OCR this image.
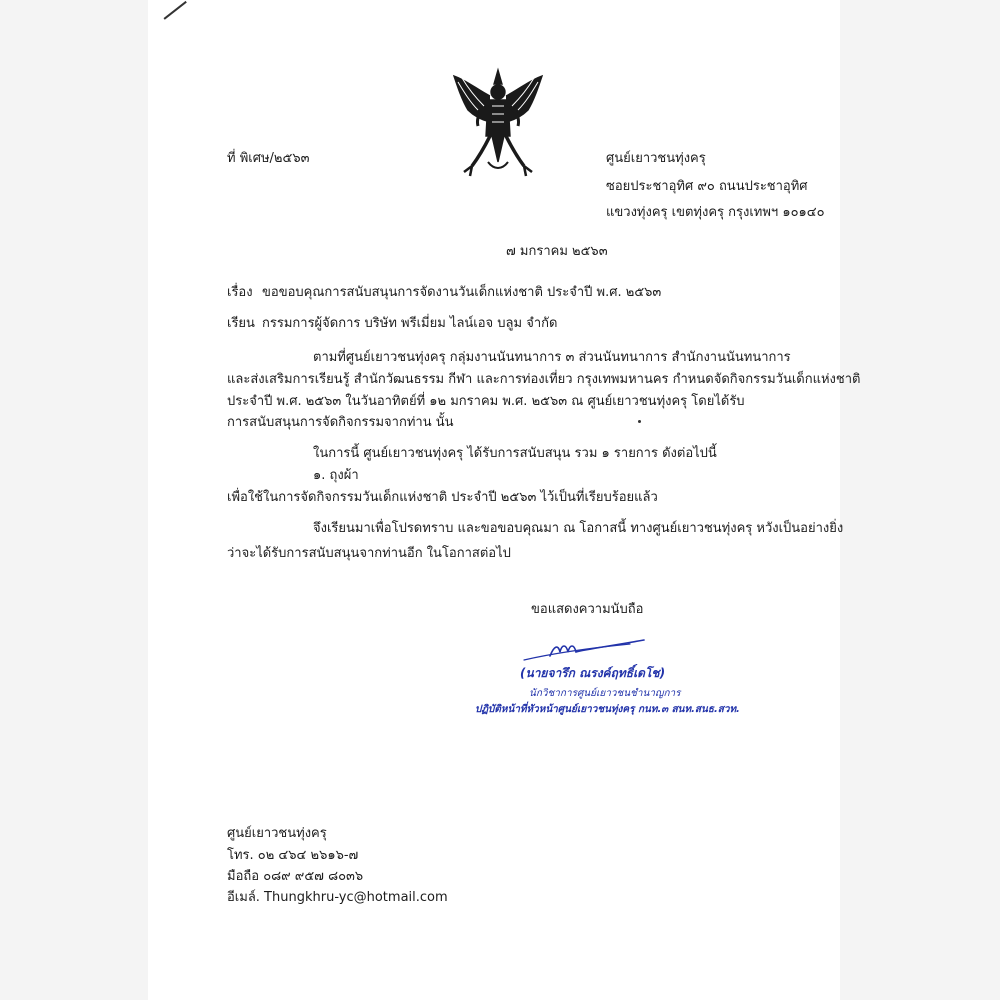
ที่ พิเศษ/๒๕๖๓	ศูนย์เยาวชนทุ่งครุ
ซอยประชาอุทิศ ๙๐ ถนนประชาอุทิศ
แขวงทุ่งครุ เขตทุ่งครุ กรุงเทพฯ ๑๐๑๔๐
๗ มกราคม ๒๕๖๓
เรื่อง ขอขอบคุณการสนับสนุนการจัดงานวันเด็กแห่งชาติ ประจำปี พ.ศ. ๒๕๖๓
เรียน กรรมการผู้จัดการ บริษัท พรีเมี่ยม ไลน์เอจ บลูม จำกัด
ตามที่ศูนย์เยาวชนทุ่งครุ กลุ่มงานนันทนาการ ๓ ส่วนนันทนาการ สำนักงานนันทนาการ
และส่งเสริมการเรียนรู้ สำนักวัฒนธรรม กีฬา และการท่องเที่ยว กรุงเทพมหานคร กำหนดจัดกิจกรรมวันเด็กแห่งชาติ
ประจำปี พ.ศ. ๒๕๖๓ ในวันอาทิตย์ที่ ๑๒ มกราคม พ.ศ. ๒๕๖๓ ณ ศูนย์เยาวชนทุ่งครุ โดยได้รับ
การสนับสนุนการจัดกิจกรรมจากท่าน นั้น
ในการนี้ ศูนย์เยาวชนทุ่งครุ ได้รับการสนับสนุน รวม ๑ รายการ ดังต่อไปนี้
๑. ถุงผ้า
เพื่อใช้ในการจัดกิจกรรมวันเด็กแห่งชาติ ประจำปี ๒๕๖๓ ไว้เป็นที่เรียบร้อยแล้ว
จึงเรียนมาเพื่อโปรดทราบ และขอขอบคุณมา ณ โอกาสนี้ ทางศูนย์เยาวชนทุ่งครุ หวังเป็นอย่างยิ่ง
ว่าจะได้รับการสนับสนุนจากท่านอีก ในโอกาสต่อไป
ขอแสดงความนับถือ
(นายจารึก ณรงค์ฤทธิ์เดโช)
นักวิชาการศูนย์เยาวชนชำนาญการ
ปฏิบัติหน้าที่หัวหน้าศูนย์เยาวชนทุ่งครุ กนท.๓ สนท.สนธ.สวท.
ศูนย์เยาวชนทุ่งครุ
โทร. ๐๒ ๔๖๔ ๒๖๑๖-๗
มือถือ ๐๘๙ ๙๕๗ ๘๐๓๖
อีเมล์. Thungkhru-yc@hotmail.com
